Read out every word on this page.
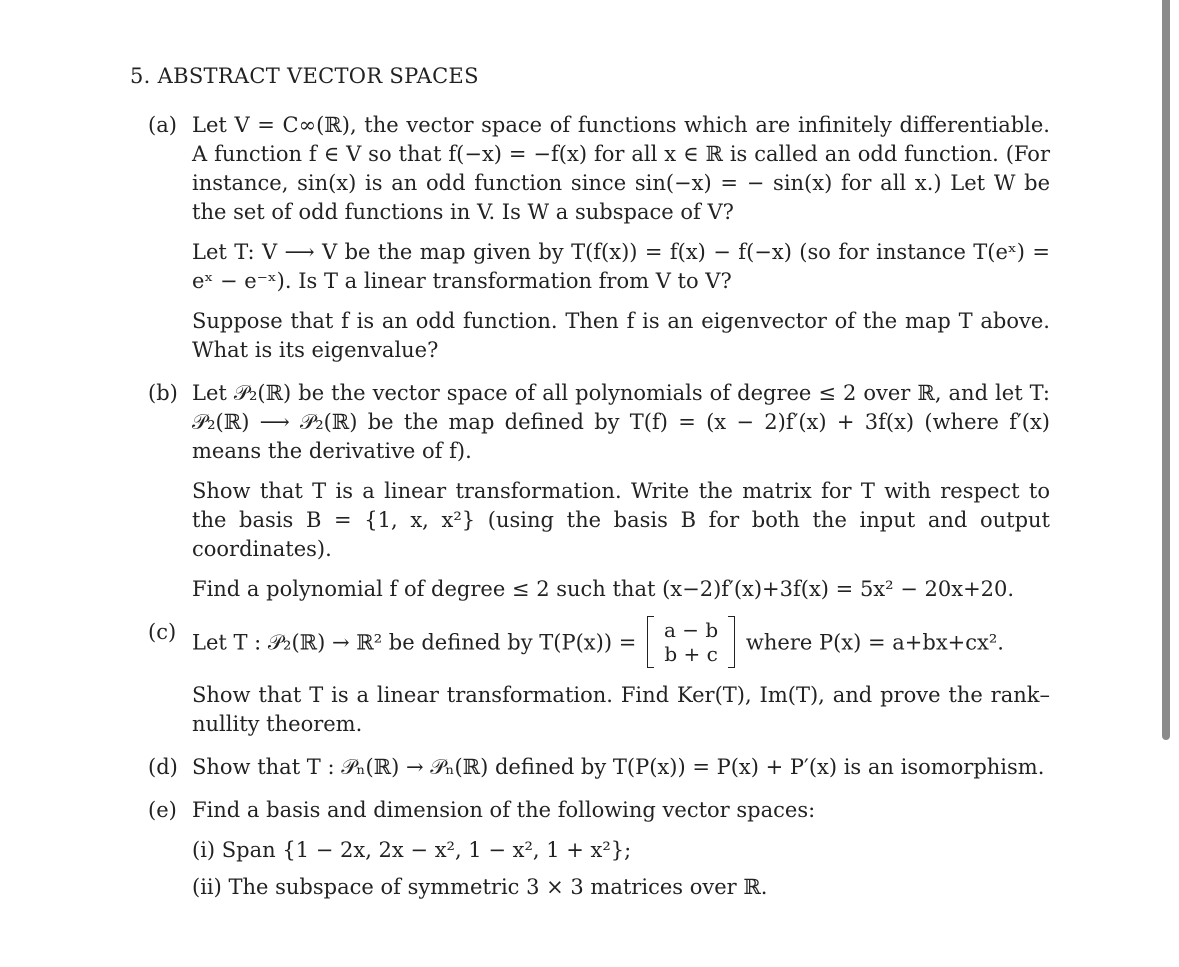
5. ABSTRACT VECTOR SPACES
(a) Let V = C∞(ℝ), the vector space of functions which are infinitely differentiable. A function f ∈ V so that f(−x) = −f(x) for all x ∈ ℝ is called an odd function. (For instance, sin(x) is an odd function since sin(−x) = − sin(x) for all x.) Let W be the set of odd functions in V. Is W a subspace of V?

Let T: V ⟶ V be the map given by T(f(x)) = f(x) − f(−x) (so for instance T(eˣ) = eˣ − e⁻ˣ). Is T a linear transformation from V to V?

Suppose that f is an odd function. Then f is an eigenvector of the map T above. What is its eigenvalue?

(b) Let 𝒫₂(ℝ) be the vector space of all polynomials of degree ≤ 2 over ℝ, and let T: 𝒫₂(ℝ) ⟶ 𝒫₂(ℝ) be the map defined by T(f) = (x − 2)f′(x) + 3f(x) (where f′(x) means the derivative of f).

Show that T is a linear transformation. Write the matrix for T with respect to the basis B = {1, x, x²} (using the basis B for both the input and output coordinates).

Find a polynomial f of degree ≤ 2 such that (x−2)f′(x)+3f(x) = 5x² − 20x+20.

(c) Let T : 𝒫₂(ℝ) → ℝ² be defined by T(P(x)) =
a − b
b + c where P(x) = a+bx+cx².

Show that T is a linear transformation. Find Ker(T), Im(T), and prove the rank–nullity theorem.

(d) Show that T : 𝒫ₙ(ℝ) → 𝒫ₙ(ℝ) defined by T(P(x)) = P(x) + P′(x) is an isomorphism.

(e) Find a basis and dimension of the following vector spaces:

(i) Span {1 − 2x, 2x − x², 1 − x², 1 + x²};

(ii) The subspace of symmetric 3 × 3 matrices over ℝ.
